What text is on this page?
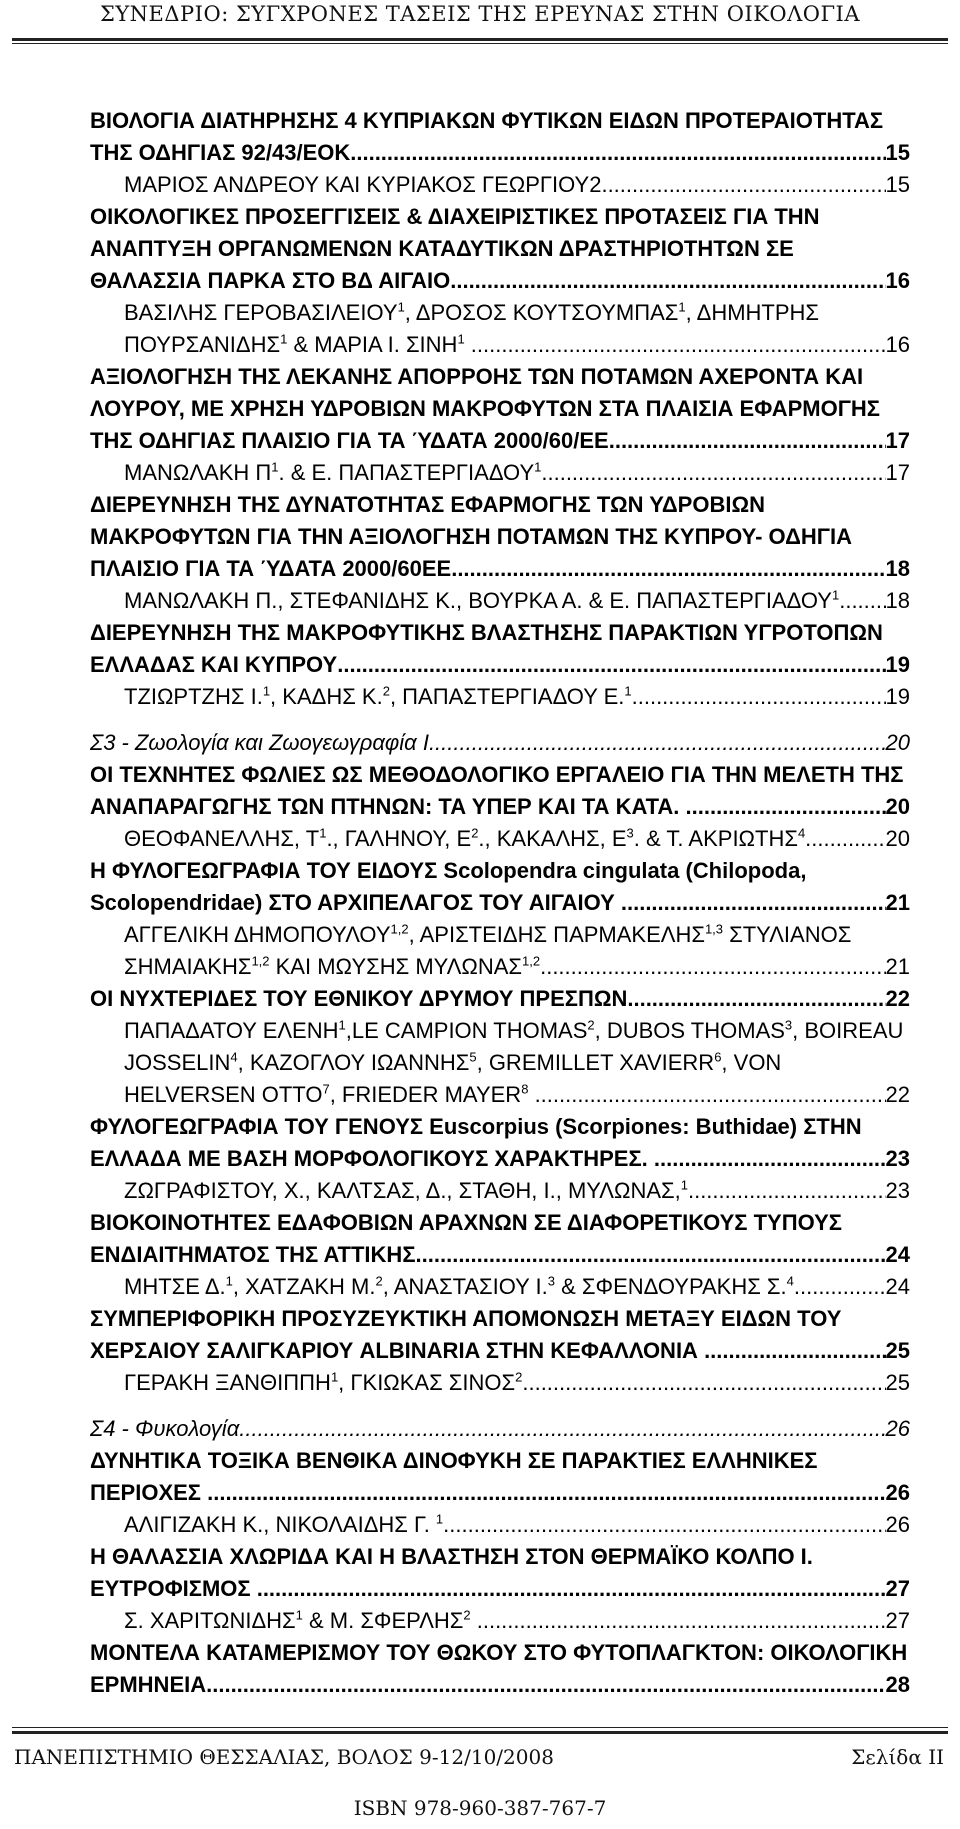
ΣΥΝΕΔΡΙΟ: ΣΥΓΧΡΟΝΕΣ ΤΑΣΕΙΣ ΤΗΣ ΕΡΕΥΝΑΣ ΣΤΗΝ ΟΙΚΟΛΟΓΙΑ
ΒΙΟΛΟΓΙΑ ΔΙΑΤΗΡΗΣΗΣ 4 ΚΥΠΡΙΑΚΩΝ ΦΥΤΙΚΩΝ ΕΙΔΩΝ ΠΡΟΤΕΡΑΙΟΤΗΤΑΣ
ΤΗΣ ΟΔΗΓΙΑΣ 92/43/ΕΟΚ .....	15
ΜΑΡΙΟΣ ΑΝΔΡΕΟΥ ΚΑΙ ΚΥΡΙΑΚΟΣ ΓΕΩΡΓΙΟΥ2 .....	15
ΟΙΚΟΛΟΓΙΚΕΣ ΠΡΟΣΕΓΓΙΣΕΙΣ & ΔΙΑΧΕΙΡΙΣΤΙΚΕΣ ΠΡΟΤΑΣΕΙΣ ΓΙΑ ΤΗΝ
ΑΝΑΠΤΥΞΗ ΟΡΓΑΝΩΜΕΝΩΝ ΚΑΤΑΔΥΤΙΚΩΝ ΔΡΑΣΤΗΡΙΟΤΗΤΩΝ ΣΕ
ΘΑΛΑΣΣΙΑ ΠΑΡΚΑ ΣΤΟ ΒΔ ΑΙΓΑΙΟ .....	16
ΒΑΣΙΛΗΣ ΓΕΡΟΒΑΣΙΛΕΙΟΥ$^1$, ΔΡΟΣΟΣ ΚΟΥΤΣΟΥΜΠΑΣ$^1$, ΔΗΜΗΤΡΗΣ
ΠΟΥΡΣΑΝΙΔΗΣ$^1$ & ΜΑΡΙΑ Ι. ΣΙΝΗ$^1$ .....	16
ΑΞΙΟΛΟΓΗΣΗ ΤΗΣ ΛΕΚΑΝΗΣ ΑΠΟΡΡΟΗΣ ΤΩΝ ΠΟΤΑΜΩΝ ΑΧΕΡΟΝΤΑ ΚΑΙ
ΛΟΥΡΟΥ, ΜΕ ΧΡΗΣΗ ΥΔΡΟΒΙΩΝ ΜΑΚΡΟΦΥΤΩΝ ΣΤΑ ΠΛΑΙΣΙΑ ΕΦΑΡΜΟΓΗΣ
ΤΗΣ ΟΔΗΓΙΑΣ ΠΛΑΙΣΙΟ ΓΙΑ ΤΑ ΎΔΑΤΑ 2000/60/ΕΕ .....	17
ΜΑΝΩΛΑΚΗ $\Pi^1$. & Ε. ΠΑΠΑΣΤΕΡΓΙΑΔΟΥ$^1$ .....	17
ΔΙΕΡΕΥΝΗΣΗ ΤΗΣ ΔΥΝΑΤΟΤΗΤΑΣ ΕΦΑΡΜΟΓΗΣ ΤΩΝ ΥΔΡΟΒΙΩΝ
ΜΑΚΡΟΦΥΤΩΝ ΓΙΑ ΤΗΝ ΑΞΙΟΛΟΓΗΣΗ ΠΟΤΑΜΩΝ ΤΗΣ ΚΥΠΡΟΥ- ΟΔΗΓΙΑ
ΠΛΑΙΣΙΟ ΓΙΑ ΤΑ ΎΔΑΤΑ 2000/60ΕΕ .....	18
ΜΑΝΩΛΑΚΗ Π., ΣΤΕΦΑΝΙΔΗΣ Κ., ΒΟΥΡΚΑ Α. & Ε. ΠΑΠΑΣΤΕΡΓΙΑΔΟΥ$^1$ ..... 18
ΔΙΕΡΕΥΝΗΣΗ ΤΗΣ ΜΑΚΡΟΦΥΤΙΚΗΣ ΒΛΑΣΤΗΣΗΣ ΠΑΡΑΚΤΙΩΝ ΥΓΡΟΤΟΠΩΝ
ΕΛΛΑΔΑΣ ΚΑΙ ΚΥΠΡΟΥ .....	19
ΤΖΙΩΡΤΖΗΣ Ι.$^1$, ΚΑΔΗΣ Κ.$^2$, ΠΑΠΑΣΤΕΡΓΙΑΔΟΥ Ε.$^1$ .....	19
Σ3 - Ζωολογία και Ζωογεωγραφία Ι .....	20
ΟΙ ΤΕΧΝΗΤΕΣ ΦΩΛΙΕΣ ΩΣ ΜΕΘΟΔΟΛΟΓΙΚΟ ΕΡΓΑΛΕΙΟ ΓΙΑ ΤΗΝ ΜΕΛΕΤΗ ΤΗΣ
ΑΝΑΠΑΡΑΓΩΓΗΣ ΤΩΝ ΠΤΗΝΩΝ: ΤΑ ΥΠΕΡ ΚΑΙ ΤΑ ΚΑΤΑ. .....	20
ΘΕΟΦΑΝΕΛΛΗΣ, $T^1$., ΓΑΛΗΝΟΥ, $E^2$., ΚΑΚΑΛΗΣ, $E^3$. & Τ. ΑΚΡΙΩΤΗΣ$^4$ .....	20
Η ΦΥΛΟΓΕΩΓΡΑΦΙΑ ΤΟΥ ΕΙΔΟΥΣ Scolopendra cingulata (Chilopoda,
Scolopendridae) ΣΤΟ ΑΡΧΙΠΕΛΑΓΟΣ ΤΟΥ ΑΙΓΑΙΟΥ .....	21
ΑΓΓΕΛΙΚΗ ΔΗΜΟΠΟΥΛΟΥ$^{1,2}$, ΑΡΙΣΤΕΙΔΗΣ ΠΑΡΜΑΚΕΛΗΣ$^{1,3}$ ΣΤΥΛΙΑΝΟΣ
ΣΗΜΑΙΑΚΗΣ$^{1,2}$ ΚΑΙ ΜΩΥΣΗΣ ΜΥΛΩΝΑΣ$^{1,2}$ .....	21
ΟΙ ΝΥΧΤΕΡΙΔΕΣ ΤΟΥ ΕΘΝΙΚΟΥ ΔΡΥΜΟΥ ΠΡΕΣΠΩΝ .....	22
ΠΑΠΑΔΑΤΟΥ ΕΛΕΝΗ$^1$,LE CAMPION THOMAS$^2$, DUBOS THOMAS$^3$, BOIREAU
JOSSELIN$^4$, ΚΑΖΟΓΛΟΥ ΙΩΑΝΝΗΣ$^5$, GREMILLET XAVIERR$^6$, VON
HELVERSEN OTTO$^7$, FRIEDER MAYER$^8$ .....	22
ΦΥΛΟΓΕΩΓΡΑΦΙΑ ΤΟΥ ΓΕΝΟΥΣ Euscorpius (Scorpiones: Buthidae) ΣΤΗΝ
ΕΛΛΑΔΑ ΜΕ ΒΑΣΗ ΜΟΡΦΟΛΟΓΙΚΟΥΣ ΧΑΡΑΚΤΗΡΕΣ. .....	23
ΖΩΓΡΑΦΙΣΤΟΥ, Χ., ΚΑΛΤΣΑΣ, Δ., ΣΤΑΘΗ, Ι., ΜΥΛΩΝΑΣ,$^1$ .....	23
ΒΙΟΚΟΙΝΟΤΗΤΕΣ ΕΔΑΦΟΒΙΩΝ ΑΡΑΧΝΩΝ ΣΕ ΔΙΑΦΟΡΕΤΙΚΟΥΣ ΤΥΠΟΥΣ
ΕΝΔΙΑΙΤΗΜΑΤΟΣ ΤΗΣ ΑΤΤΙΚΗΣ .....	24
ΜΗΤΣΕ Δ.$^1$, ΧΑΤΖΑΚΗ Μ.$^2$, ΑΝΑΣΤΑΣΙΟΥ Ι.$^3$ & ΣΦΕΝΔΟΥΡΑΚΗΣ Σ.$^4$ .....	24
ΣΥΜΠΕΡΙΦΟΡΙΚΗ ΠΡΟΣΥΖΕΥΚΤΙΚΗ ΑΠΟΜΟΝΩΣΗ ΜΕΤΑΞΥ ΕΙΔΩΝ ΤΟΥ
ΧΕΡΣΑΙΟΥ ΣΑΛΙΓΚΑΡΙΟΥ ALBINARIA ΣΤΗΝ ΚΕΦΑΛΛΟΝΙΑ .....	25
ΓΕΡΑΚΗ ΞΑΝΘΙΠΠΗ$^1$, ΓΚΙΩΚΑΣ ΣΙΝΟΣ$^2$ .....	25
Σ4 - Φυκολογία .....	26
ΔΥΝΗΤΙΚΑ ΤΟΞΙΚΑ ΒΕΝΘΙΚΑ ΔΙΝΟΦΥΚΗ ΣΕ ΠΑΡΑΚΤΙΕΣ ΕΛΛΗΝΙΚΕΣ
ΠΕΡΙΟΧΕΣ .....	26
ΑΛΙΓΙΖΑΚΗ Κ., ΝΙΚΟΛΑΙΔΗΣ Γ. $^1$ .....	26
Η ΘΑΛΑΣΣΙΑ ΧΛΩΡΙΔΑ ΚΑΙ Η ΒΛΑΣΤΗΣΗ ΣΤΟΝ ΘΕΡΜΑΪΚΟ ΚΟΛΠΟ Ι.
ΕΥΤΡΟΦΙΣΜΟΣ .....	27
Σ. ΧΑΡΙΤΩΝΙΔΗΣ$^1$ & Μ. ΣΦΕΡΛΗΣ$^2$ .....	27
ΜΟΝΤΕΛΑ ΚΑΤΑΜΕΡΙΣΜΟΥ ΤΟΥ ΘΩΚΟΥ ΣΤΟ ΦΥΤΟΠΛΑΓΚΤΟΝ: ΟΙΚΟΛΟΓΙΚΗ
ΕΡΜΗΝΕΙΑ .....	28
ΠΑΝΕΠΙΣΤΗΜΙΟ ΘΕΣΣΑΛΙΑΣ, ΒΟΛΟΣ 9-12/10/2008	Σελίδα II
ISBN 978-960-387-767-7
